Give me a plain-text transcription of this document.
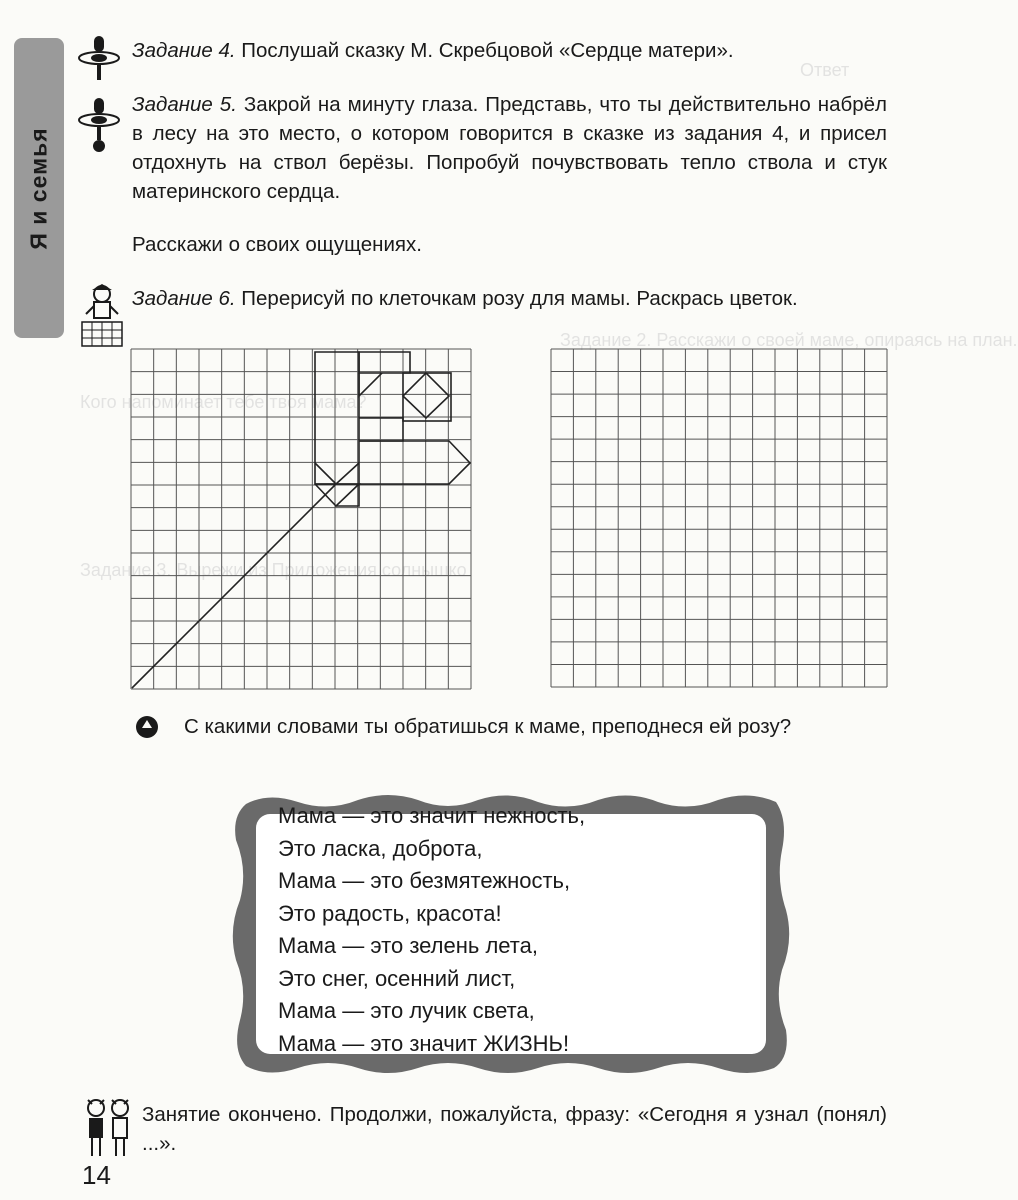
Ответ
Задание 2. Расскажи о своей маме, опираясь на план.
Кого напоминает тебе твоя мама?
Задание 3. Вырежи из Приложения солнышко
Я и семья
Задание 4. Послушай сказку М. Скребцовой «Сердце матери».
Задание 5. Закрой на минуту глаза. Представь, что ты действительно набрёл в лесу на это место, о котором говорится в сказке из задания 4, и присел отдохнуть на ствол берёзы. Попробуй почувствовать тепло ствола и стук материнского сердца.
Расскажи о своих ощущениях.
Задание 6. Перерисуй по клеточкам розу для мамы. Раскрась цветок.
С какими словами ты обратишься к маме, преподнеся ей розу?
Мама — это значит нежность,
Это ласка, доброта,
Мама — это безмятежность,
Это радость, красота!
Мама — это зелень лета,
Это снег, осенний лист,
Мама — это лучик света,
Мама — это значит ЖИЗНЬ!
Занятие окончено. Продолжи, пожалуйста, фразу: «Сегодня я узнал (понял) ...».
14
